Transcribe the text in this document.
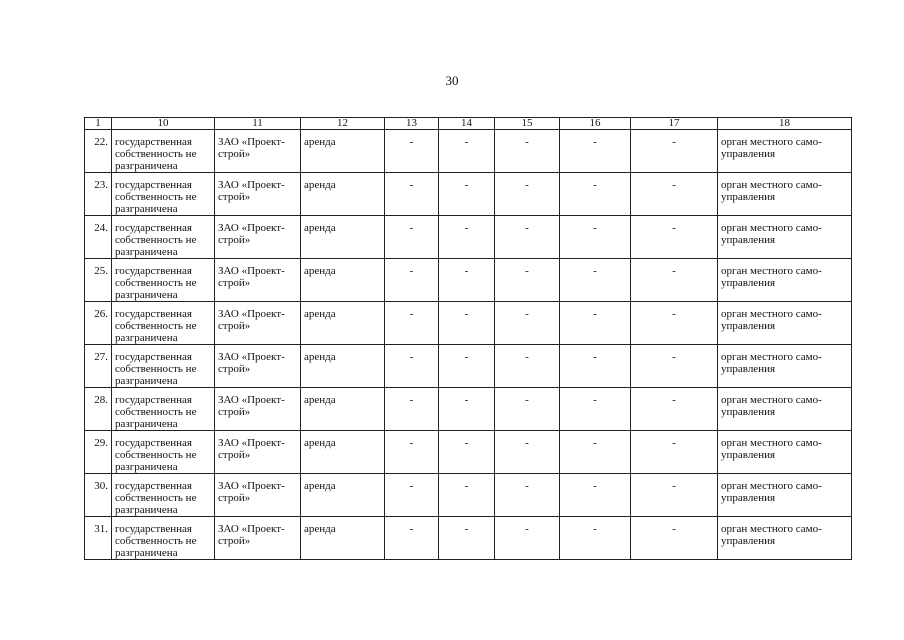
30
1	10	11	12	13	14	15	16	17	18
22.	государственная собственность не разграничена	ЗАО «Проект-строй»	аренда	-	-	-	-	-	орган местного само-управления
23.	государственная собственность не разграничена	ЗАО «Проект-строй»	аренда	-	-	-	-	-	орган местного само-управления
24.	государственная собственность не разграничена	ЗАО «Проект-строй»	аренда	-	-	-	-	-	орган местного само-управления
25.	государственная собственность не разграничена	ЗАО «Проект-строй»	аренда	-	-	-	-	-	орган местного само-управления
26.	государственная собственность не разграничена	ЗАО «Проект-строй»	аренда	-	-	-	-	-	орган местного само-управления
27.	государственная собственность не разграничена	ЗАО «Проект-строй»	аренда	-	-	-	-	-	орган местного само-управления
28.	государственная собственность не разграничена	ЗАО «Проект-строй»	аренда	-	-	-	-	-	орган местного само-управления
29.	государственная собственность не разграничена	ЗАО «Проект-строй»	аренда	-	-	-	-	-	орган местного само-управления
30.	государственная собственность не разграничена	ЗАО «Проект-строй»	аренда	-	-	-	-	-	орган местного само-управления
31.	государственная собственность не разграничена	ЗАО «Проект-строй»	аренда	-	-	-	-	-	орган местного само-управления
